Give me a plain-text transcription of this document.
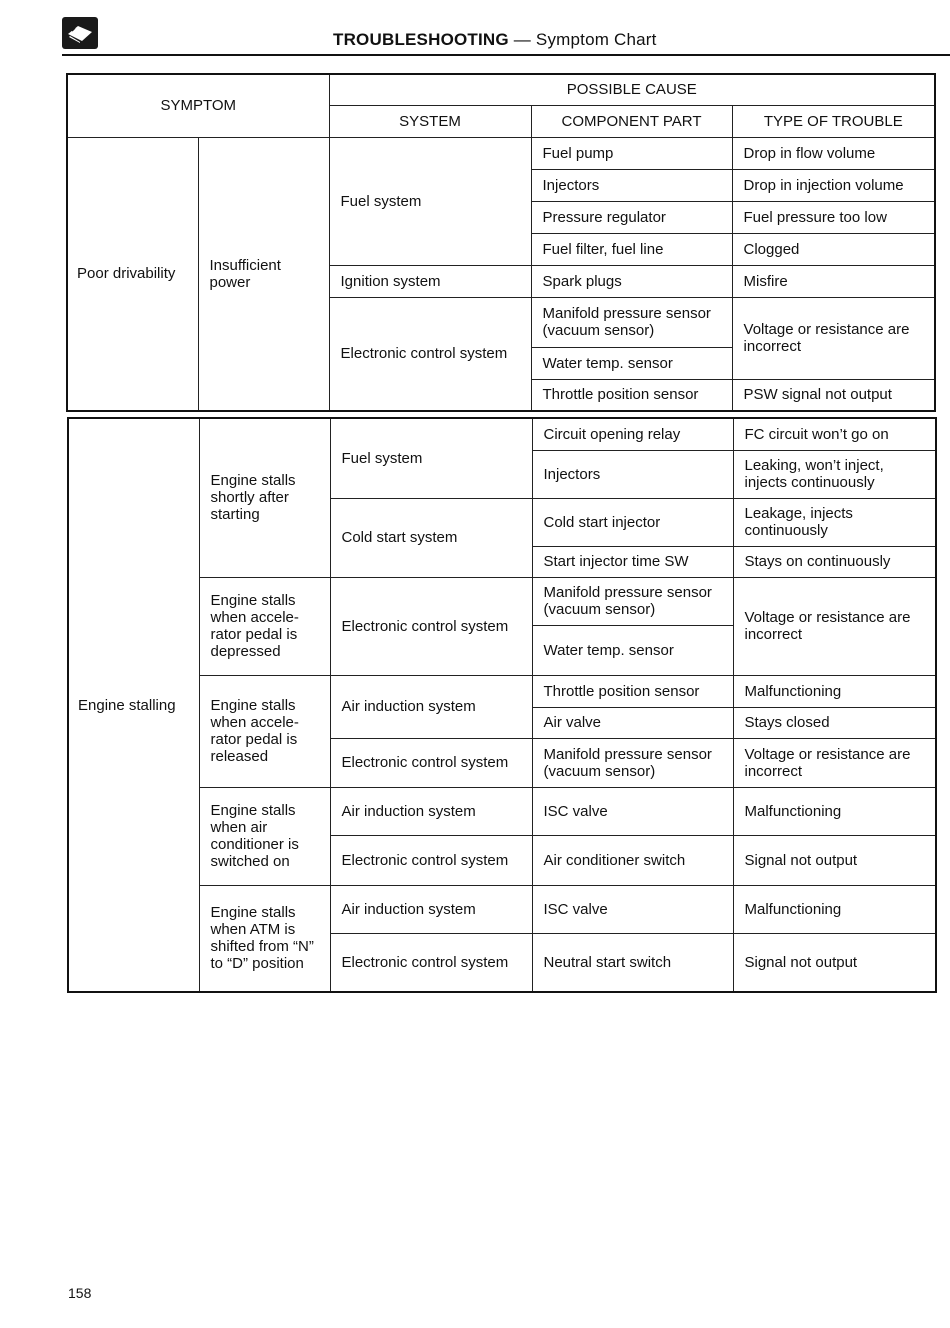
TROUBLESHOOTING — Symptom Chart
SYMPTOM		POSSIBLE CAUSE		
		SYSTEM	COMPONENT PART	TYPE OF TROUBLE
Poor drivability	Insufficient power	Fuel system	Fuel pump	Drop in flow volume
			Injectors	Drop in injection volume
			Pressure regulator	Fuel pressure too low
			Fuel filter, fuel line	Clogged
		Ignition system	Spark plugs	Misfire
		Electronic control system	Manifold pressure sensor (vacuum sensor)	Voltage or resistance are incorrect
			Water temp. sensor	
			Throttle position sensor	PSW signal not output
Engine stalling	Engine stalls shortly after starting	Fuel system	Circuit opening relay	FC circuit won’t go on
			Injectors	Leaking, won’t inject, injects continuously
		Cold start system	Cold start injector	Leakage, injects continuously
			Start injector time SW	Stays on continuously
	Engine stalls when accele-rator pedal is depressed	Electronic control system	Manifold pressure sensor (vacuum sensor)	Voltage or resistance are incorrect
			Water temp. sensor	
	Engine stalls when accele-rator pedal is released	Air induction system	Throttle position sensor	Malfunctioning
			Air valve	Stays closed
		Electronic control system	Manifold pressure sensor (vacuum sensor)	Voltage or resistance are incorrect
	Engine stalls when air conditioner is switched on	Air induction system	ISC valve	Malfunctioning
		Electronic control system	Air conditioner switch	Signal not output
	Engine stalls when ATM is shifted from “N” to “D” position	Air induction system	ISC valve	Malfunctioning
		Electronic control system	Neutral start switch	Signal not output
158
